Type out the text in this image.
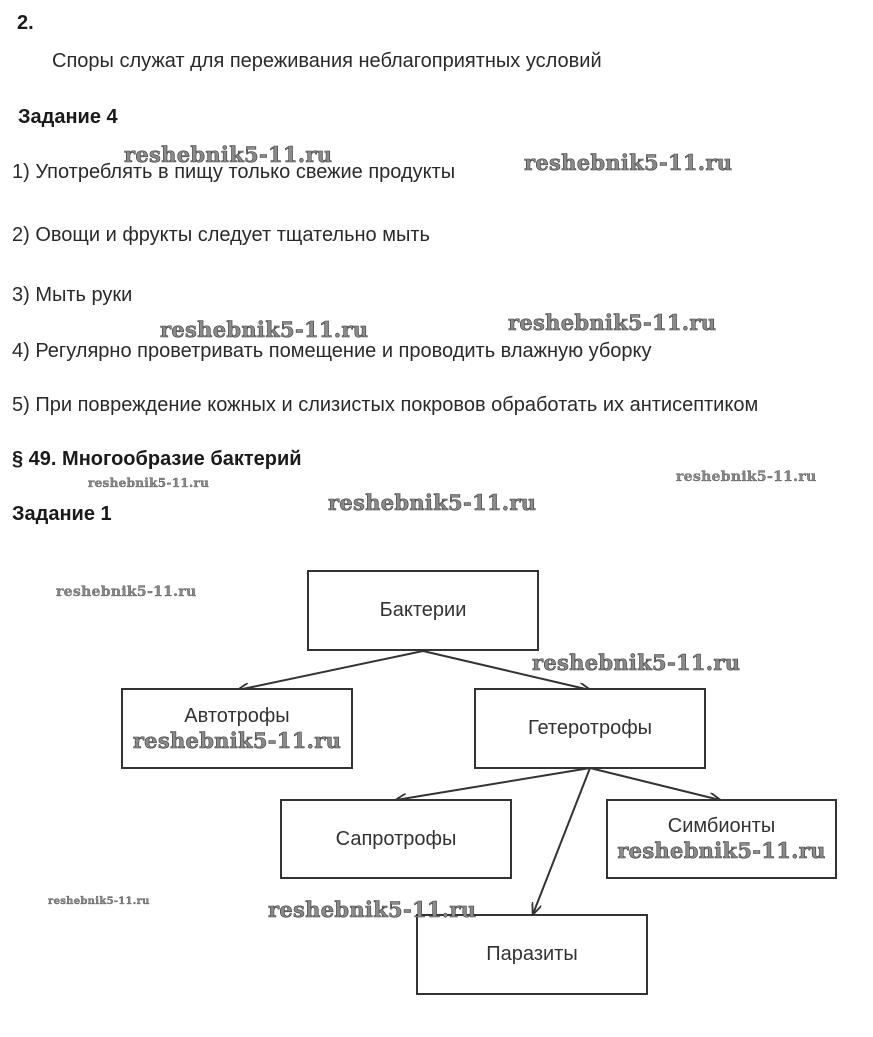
2.
Споры служат для переживания неблагоприятных условий
Задание 4
1) Употреблять в пищу только свежие продукты
2) Овощи и фрукты следует тщательно мыть
3) Мыть руки
4) Регулярно проветривать помещение и проводить влажную уборку
5) При повреждение кожных и слизистых покровов обработать их антисептиком
§ 49. Многообразие бактерий
Задание 1
Бактерии
Автотрофы
reshebnik5-11.ru	Гетеротрофы
Сапротрофы
Симбионты
reshebnik5-11.ru
Паразиты
reshebnik5-11.ru	reshebnik5-11.ru
reshebnik5-11.ru	reshebnik5-11.ru
reshebnik5-11.ru	reshebnik5-11.ru
reshebnik5-11.ru
reshebnik5-11.ru
reshebnik5-11.ru
reshebnik5-11.ru	reshebnik5-11.ru
